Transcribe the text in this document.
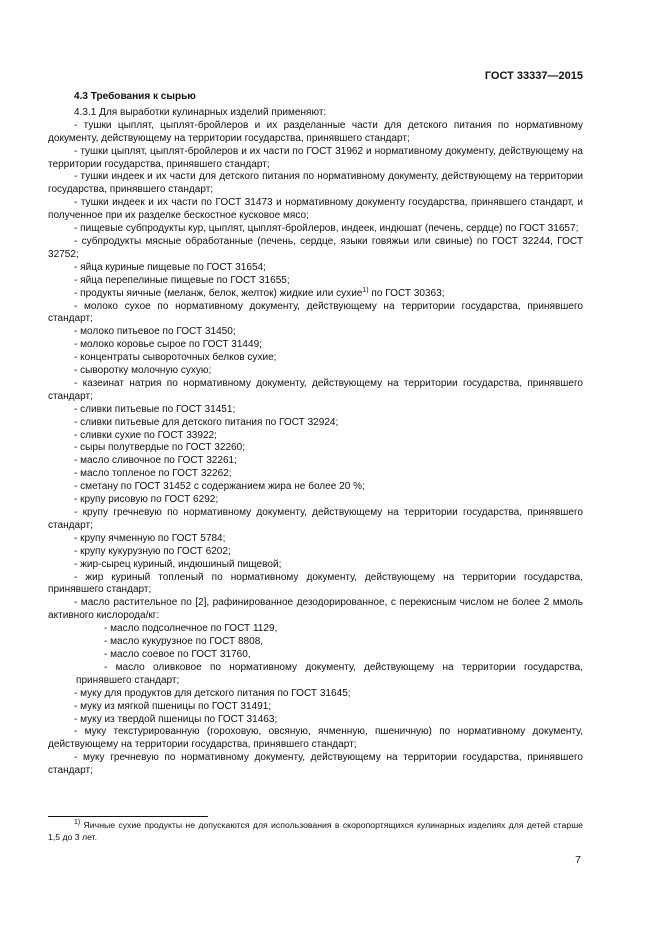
ГОСТ 33337—2015
4.3 Требования к сырью

4.3.1 Для выработки кулинарных изделий применяют:

- тушки цыплят, цыплят-бройлеров и их разделанные части для детского питания по нормативному документу, действующему на территории государства, принявшего стандарт;

- тушки цыплят, цыплят-бройлеров и их части по ГОСТ 31962 и нормативному документу, действующему на территории государства, принявшего стандарт;

- тушки индеек и их части для детского питания по нормативному документу, действующему на территории государства, принявшего стандарт;

- тушки индеек и их части по ГОСТ 31473 и нормативному документу государства, принявшего стандарт, и полученное при их разделке бескостное кусковое мясо;

- пищевые субпродукты кур, цыплят, цыплят-бройлеров, индеек, индюшат (печень, сердце) по ГОСТ 31657;

- субпродукты мясные обработанные (печень, сердце, языки говяжьи или свиные) по ГОСТ 32244, ГОСТ 32752;

- яйца куриные пищевые по ГОСТ 31654;

- яйца перепелиные пищевые по ГОСТ 31655;

- продукты яичные (меланж, белок, желток) жидкие или сухие$^{1)}$ по ГОСТ 30363;

- молоко сухое по нормативному документу, действующему на территории государства, принявшего стандарт;

- молоко питьевое по ГОСТ 31450;

- молоко коровье сырое по ГОСТ 31449;

- концентраты сывороточных белков сухие;

- сыворотку молочную сухую;

- казеинат натрия по нормативному документу, действующему на территории государства, принявшего стандарт;

- сливки питьевые по ГОСТ 31451;

- сливки питьевые для детского питания по ГОСТ 32924;

- сливки сухие по ГОСТ 33922;

- сыры полутвердые по ГОСТ 32260;

- масло сливочное по ГОСТ 32261;

- масло топленое по ГОСТ 32262;

- сметану по ГОСТ 31452 с содержанием жира не более 20 %;

- крупу рисовую по ГОСТ 6292;

- крупу гречневую по нормативному документу, действующему на территории государства, принявшего стандарт;

- крупу ячменную по ГОСТ 5784;

- крупу кукурузную по ГОСТ 6202;

- жир-сырец куриный, индюшиный пищевой;

- жир куриный топленый по нормативному документу, действующему на территории государства, принявшего стандарт;

- масло растительное по [2], рафинированное дезодорированное, с перекисным числом не более 2 ммоль активного кислорода/кг:

- масло подсолнечное по ГОСТ 1129,

- масло кукурузное по ГОСТ 8808,

- масло соевое по ГОСТ 31760,

- масло оливковое по нормативному документу, действующему на территории государства, принявшего стандарт;

- муку для продуктов для детского питания по ГОСТ 31645;

- муку из мягкой пшеницы по ГОСТ 31491;

- муку из твердой пшеницы по ГОСТ 31463;

- муку текстурированную (гороховую, овсяную, ячменную, пшеничную) по нормативному документу, действующему на территории государства, принявшего стандарт;

- муку гречневую по нормативному документу, действующему на территории государства, принявшего стандарт;

$^{1)}$ Яичные сухие продукты не допускаются для использования в скоропортящихся кулинарных изделиях для детей старше 1,5 до 3 лет.

7
